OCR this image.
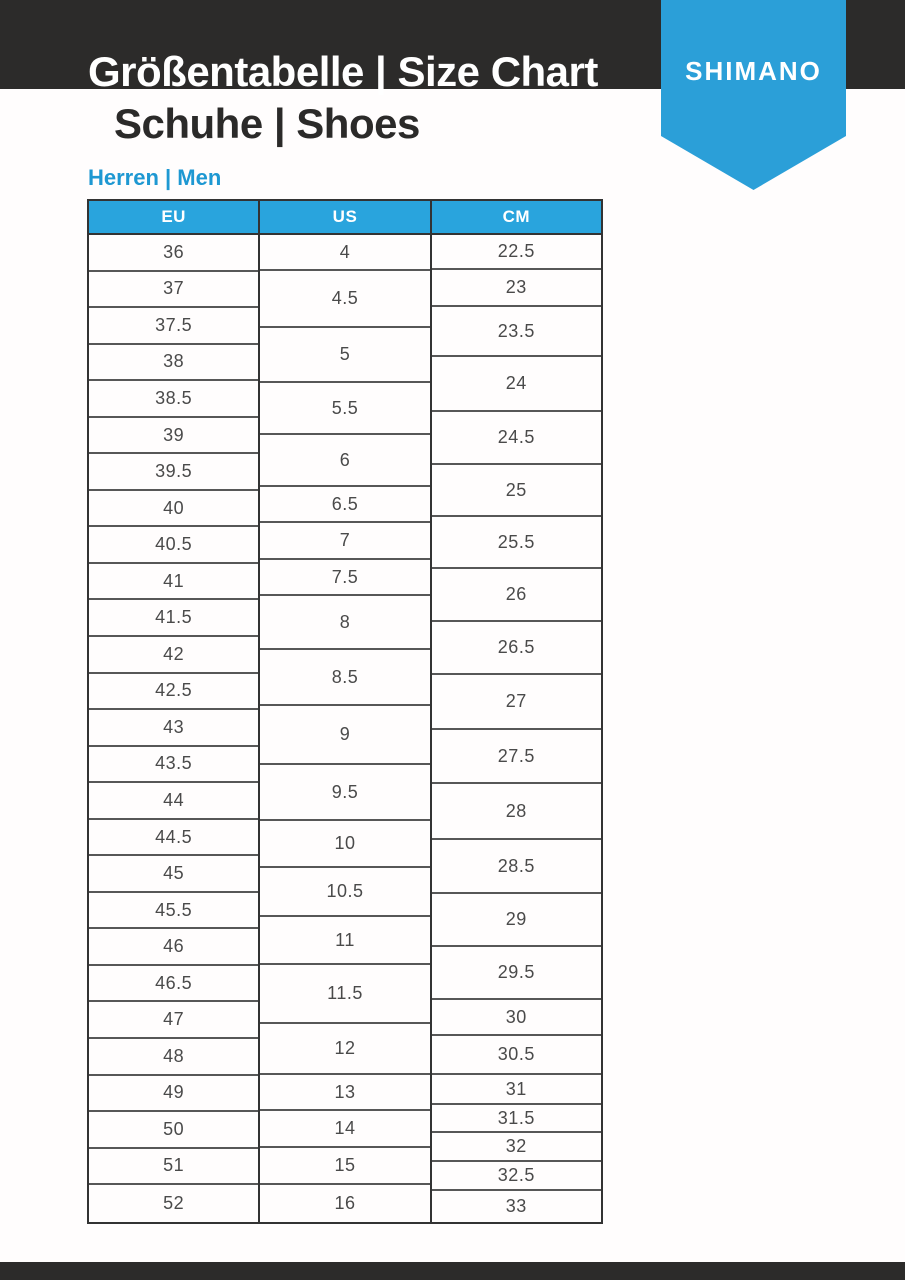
Größentabelle | Size Chart
Schuhe | Shoes
SHIMANO
Herren | Men
EU
36
37
37.5
38
38.5
39
39.5
40
40.5
41
41.5
42
42.5
43
43.5
44
44.5
45
45.5
46
46.5
47
48
49
50
51
52
US
4
4.5
5
5.5
6
6.5
7
7.5
8
8.5
9
9.5
10
10.5
11
11.5
12
13
14
15
16
CM
22.5
23
23.5
24
24.5
25
25.5
26
26.5
27
27.5
28
28.5
29
29.5
30
30.5
31
31.5
32
32.5
33
